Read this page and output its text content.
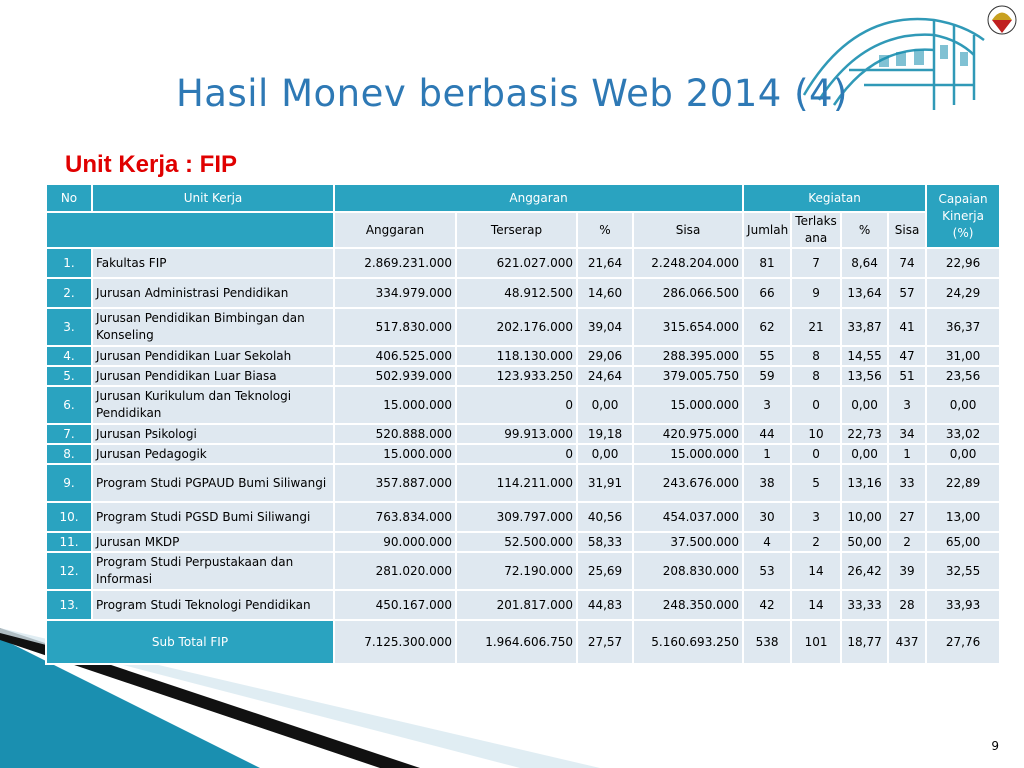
Hasil Monev berbasis Web 2014 (4)
Unit Kerja : FIP
No	Unit Kerja	Anggaran				Kegiatan				Capaian Kinerja (%)

		Anggaran	Terserap	%	Sisa	Jumlah	Terlaks ana	%	Sisa	
1.	Fakultas FIP	2.869.231.000	621.027.000	21,64	2.248.204.000	81	7	8,64	74	22,96
2.	Jurusan Administrasi Pendidikan	334.979.000	48.912.500	14,60	286.066.500	66	9	13,64	57	24,29
3.	Jurusan Pendidikan Bimbingan dan Konseling	517.830.000	202.176.000	39,04	315.654.000	62	21	33,87	41	36,37
4.	Jurusan Pendidikan Luar Sekolah	406.525.000	118.130.000	29,06	288.395.000	55	8	14,55	47	31,00
5.	Jurusan Pendidikan Luar Biasa	502.939.000	123.933.250	24,64	379.005.750	59	8	13,56	51	23,56
6.	Jurusan Kurikulum dan Teknologi Pendidikan	15.000.000	0	0,00	15.000.000	3	0	0,00	3	0,00
7.	Jurusan Psikologi	520.888.000	99.913.000	19,18	420.975.000	44	10	22,73	34	33,02
8.	Jurusan Pedagogik	15.000.000	0	0,00	15.000.000	1	0	0,00	1	0,00
9.	Program Studi PGPAUD Bumi Siliwangi	357.887.000	114.211.000	31,91	243.676.000	38	5	13,16	33	22,89
10.	Program Studi PGSD Bumi Siliwangi	763.834.000	309.797.000	40,56	454.037.000	30	3	10,00	27	13,00
11.	Jurusan MKDP	90.000.000	52.500.000	58,33	37.500.000	4	2	50,00	2	65,00
12.	Program Studi Perpustakaan dan Informasi	281.020.000	72.190.000	25,69	208.830.000	53	14	26,42	39	32,55
13.	Program Studi Teknologi Pendidikan	450.167.000	201.817.000	44,83	248.350.000	42	14	33,33	28	33,93
Sub Total FIP		7.125.300.000	1.964.606.750	27,57	5.160.693.250	538	101	18,77	437	27,76
9
